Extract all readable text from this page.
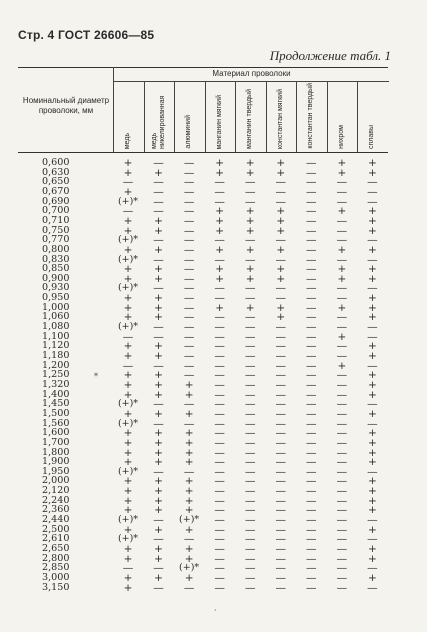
Стр. 4 ГОСТ 26606—85
Продолжение табл. 1
Материал проволоки
Номинальный диаметр проволоки, мм
медь	медь никелированная	алюминий	манганин мягкий	манганин твердый	константан мягкий	константан твердый	нихром	сплавы
0,600	+	—	—	+	+	+	—	+	+
0,630	+	+	—	+	+	+	—	+	+
0,650	—	—	—	—	—	—	—	—	—
0,670	+	—	—	—	—	—	—	—	—
0,690	(+)*	—	—	—	—	—	—	—	—
0,700	—	—	—	+	+	+	—	+	+
0,710	+	+	—	+	+	+	—	—	+
0,750	+	+	—	+	+	+	—	—	+
0,770	(+)*	—	—	—	—	—	—	—	—
0,800	+	+	—	+	+	+	—	+	+
0,830	(+)*	—	—	—	—	—	—	—	—
0,850	+	+	—	+	+	+	—	+	+
0,900	+	+	—	+	+	+	—	+	+
0,930	(+)*	—	—	—	—	—	—	—	—
0,950	+	+	—	—	—	—	—	—	+
1,000	+	+	—	+	+	+	—	+	+
1,060	+	+	—	—	—	+	—	—	+
1,080	(+)*	—	—	—	—	—	—	—	—
1,100	—	—	—	—	—	—	—	+	—
1,120	+	+	—	—	—	—	—	—	+
1,180	+	+	—	—	—	—	—	—	+
1,200	—	—	—	—	—	—	—	+	—
1,250	+	+	—	—	—	—	—	—	+
1,320	+	+	+	—	—	—	—	—	+
1,400	+	+	+	—	—	—	—	—	+
1,450	(+)*	—	—	—	—	—	—	—	—
1,500	+	+	+	—	—	—	—	—	+
1,560	(+)*	—	—	—	—	—	—	—	—
1,600	+	+	+	—	—	—	—	—	+
1,700	+	+	+	—	—	—	—	—	+
1,800	+	+	+	—	—	—	—	—	+
1,900	+	+	+	—	—	—	—	—	+
1,950	(+)*	—	—	—	—	—	—	—	—
2,000	+	+	+	—	—	—	—	—	+
2,120	+	+	+	—	—	—	—	—	+
2,240	+	+	+	—	—	—	—	—	+
2,360	+	+	+	—	—	—	—	—	+
2,440	(+)*	—	(+)*	—	—	—	—	—	—
2,500	+	+	+	—	—	—	—	—	+
2,610	(+)*	—	—	—	—	—	—	—	—
2,650	+	+	+	—	—	—	—	—	+
2,800	+	+	+	—	—	—	—	—	+
2,850	—	—	(+)*	—	—	—	—	—	—
3,000	+	+	+	—	—	—	—	—	+
3,150	+	—	—	—	—	—	—	—	—
*
·
